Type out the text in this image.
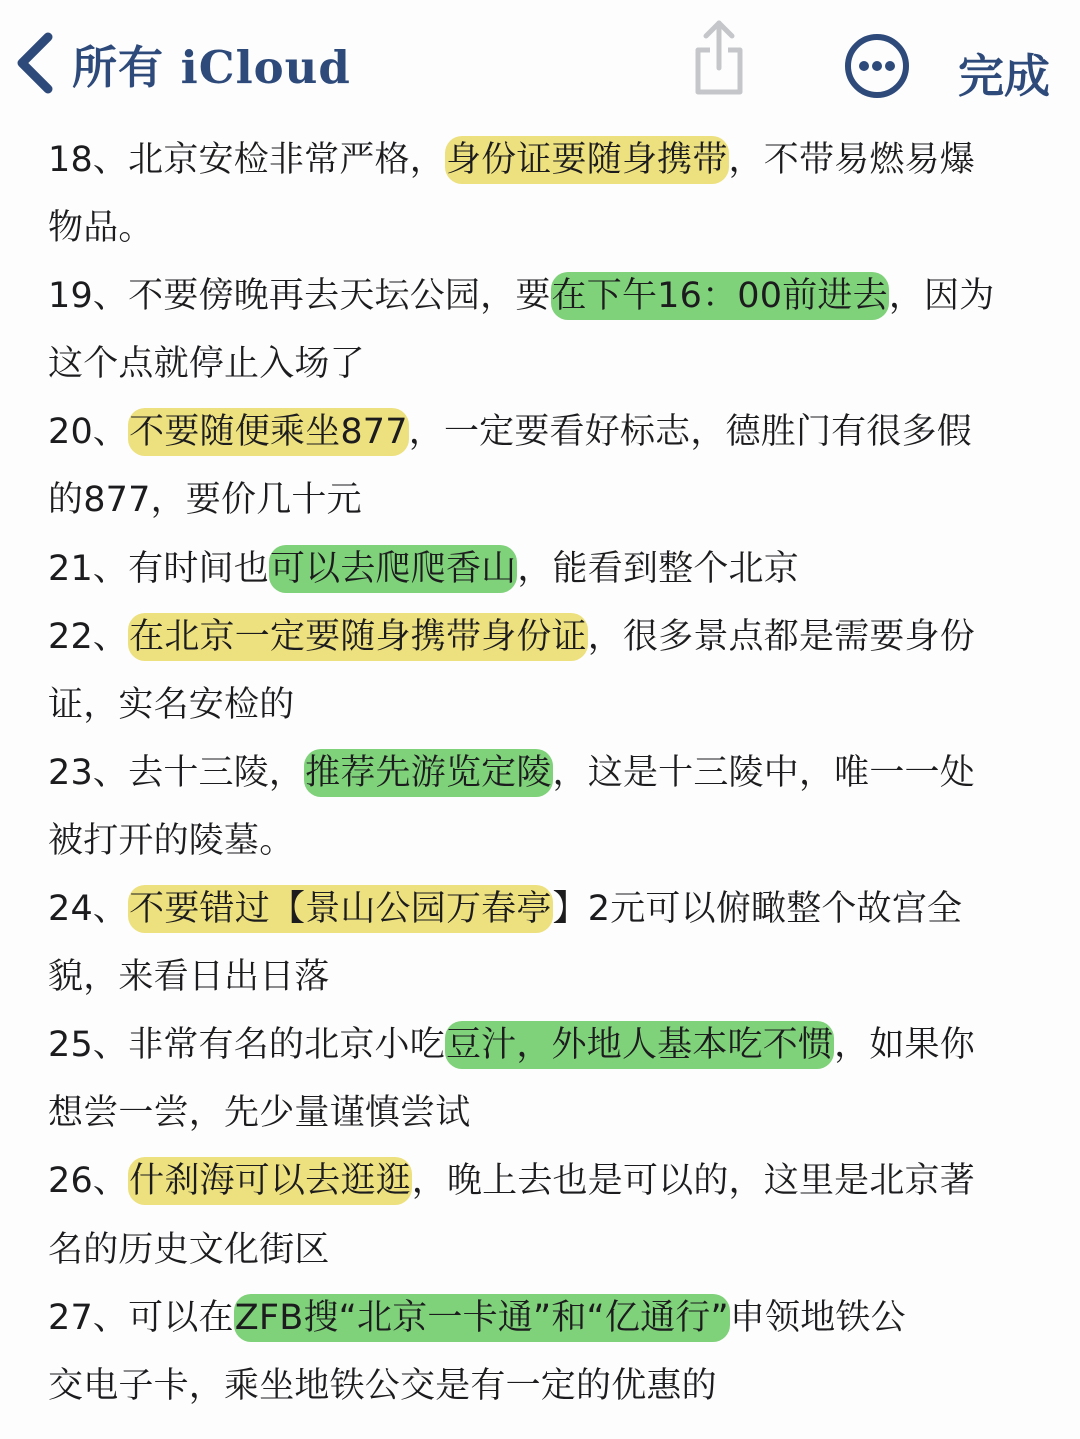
所有 iCloud	完成
18、北京安检非常严格，身份证要随身携带，不带易燃易爆
物品。
19、不要傍晚再去天坛公园，要在下午16：00前进去，因为
这个点就停止入场了
20、不要随便乘坐877，一定要看好标志，德胜门有很多假
的877，要价几十元
21、有时间也可以去爬爬香山，能看到整个北京
22、在北京一定要随身携带身份证，很多景点都是需要身份
证，实名安检的
23、去十三陵，推荐先游览定陵，这是十三陵中，唯一一处
被打开的陵墓。
24、不要错过【景山公园万春亭】2元可以俯瞰整个故宫全
貌，来看日出日落
25、非常有名的北京小吃豆汁，外地人基本吃不惯，如果你
想尝一尝，先少量谨慎尝试
26、什刹海可以去逛逛，晚上去也是可以的，这里是北京著
名的历史文化街区
27、可以在ZFB搜“北京一卡通”和“亿通行”申领地铁公
交电子卡，乘坐地铁公交是有一定的优惠的
